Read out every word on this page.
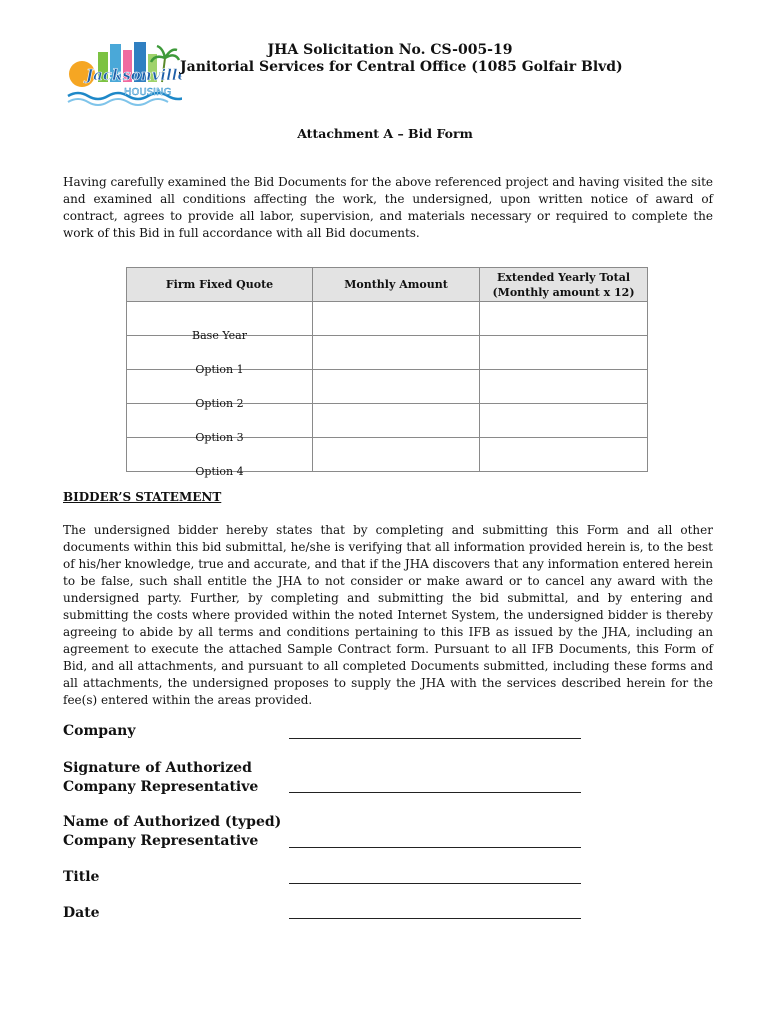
Jacksonville
HOUSING
JHA Solicitation No. CS-005-19
Janitorial Services for Central Office (1085 Golfair Blvd)
Attachment A – Bid Form
Having carefully examined the Bid Documents for the above referenced project and having visited the site and examined all conditions affecting the work, the undersigned, upon written notice of award of contract, agrees to provide all labor, supervision, and materials necessary or required to complete the work of this Bid in full accordance with all Bid documents.
Firm Fixed Quote	Monthly Amount	Extended Yearly Total (Monthly amount x 12)
Base Year		
Option 1		
Option 2		
Option 3		
Option 4		
BIDDER’S STATEMENT
The undersigned bidder hereby states that by completing and submitting this Form and all other documents within this bid submittal, he/she is verifying that all information provided herein is, to the best of his/her knowledge, true and accurate, and that if the JHA discovers that any information entered herein to be false, such shall entitle the JHA to not consider or make award or to cancel any award with the undersigned party. Further, by completing and submitting the bid submittal, and by entering and submitting the costs where provided within the noted Internet System, the undersigned bidder is thereby agreeing to abide by all terms and conditions pertaining to this IFB as issued by the JHA, including an agreement to execute the attached Sample Contract form. Pursuant to all IFB Documents, this Form of Bid, and all attachments, and pursuant to all completed Documents submitted, including these forms and all attachments, the undersigned proposes to supply the JHA with the services described herein for the fee(s) entered within the areas provided.
Company
Signature of Authorized
Company Representative
Name of Authorized (typed)
Company Representative
Title
Date
